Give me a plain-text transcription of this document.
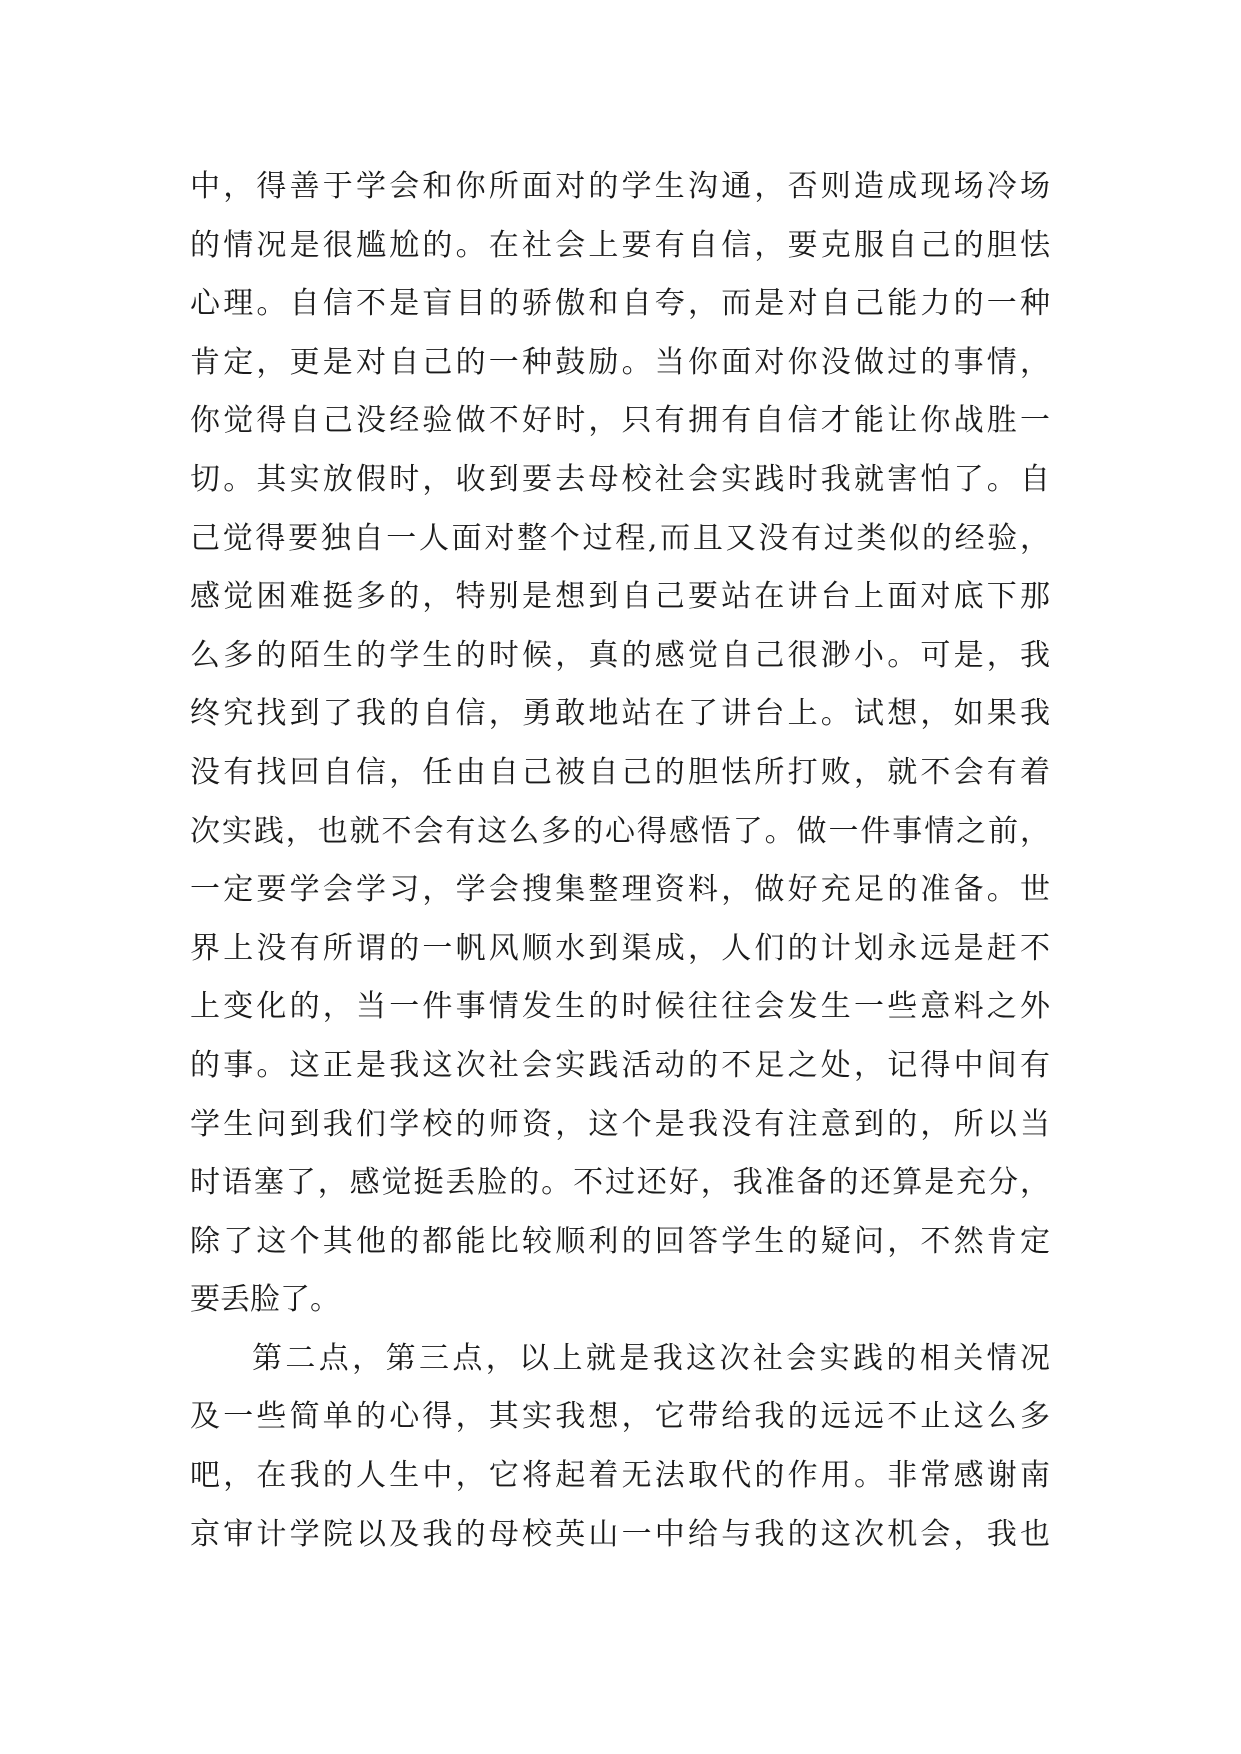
中，得善于学会和你所面对的学生沟通，否则造成现场冷场
的情况是很尴尬的。在社会上要有自信，要克服自己的胆怯
心理。自信不是盲目的骄傲和自夸，而是对自己能力的一种
肯定，更是对自己的一种鼓励。当你面对你没做过的事情，
你觉得自己没经验做不好时，只有拥有自信才能让你战胜一
切。其实放假时，收到要去母校社会实践时我就害怕了。自
己觉得要独自一人面对整个过程,而且又没有过类似的经验，
感觉困难挺多的，特别是想到自己要站在讲台上面对底下那
么多的陌生的学生的时候，真的感觉自己很渺小。可是，我
终究找到了我的自信，勇敢地站在了讲台上。试想，如果我
没有找回自信，任由自己被自己的胆怯所打败，就不会有着
次实践，也就不会有这么多的心得感悟了。做一件事情之前，
一定要学会学习，学会搜集整理资料，做好充足的准备。世
界上没有所谓的一帆风顺水到渠成，人们的计划永远是赶不
上变化的，当一件事情发生的时候往往会发生一些意料之外
的事。这正是我这次社会实践活动的不足之处，记得中间有
学生问到我们学校的师资，这个是我没有注意到的，所以当
时语塞了，感觉挺丢脸的。不过还好，我准备的还算是充分，
除了这个其他的都能比较顺利的回答学生的疑问，不然肯定
要丢脸了。
第二点，第三点，以上就是我这次社会实践的相关情况
及一些简单的心得，其实我想，它带给我的远远不止这么多
吧，在我的人生中，它将起着无法取代的作用。非常感谢南
京审计学院以及我的母校英山一中给与我的这次机会，我也
